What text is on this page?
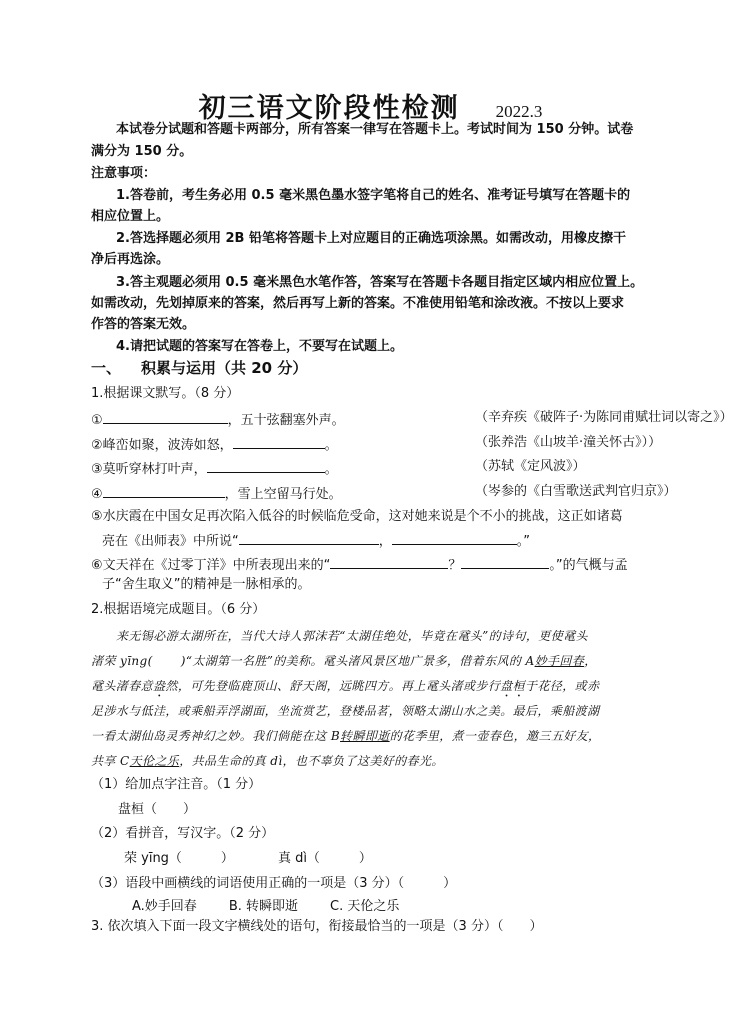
初三语文阶段性检测 2022.3
本试卷分试题和答题卡两部分，所有答案一律写在答题卡上。考试时间为 150 分钟。试卷
满分为 150 分。
注意事项：
1.答卷前，考生务必用 0.5 毫米黑色墨水签字笔将自己的姓名、准考证号填写在答题卡的
相应位置上。
2.答选择题必须用 2B 铅笔将答题卡上对应题目的正确选项涂黑。如需改动，用橡皮擦干
净后再选涂。
3.答主观题必须用 0.5 毫米黑色水笔作答，答案写在答题卡各题目指定区域内相应位置上。
如需改动，先划掉原来的答案，然后再写上新的答案。不准使用铅笔和涂改液。不按以上要求
作答的答案无效。
4.请把试题的答案写在答卷上，不要写在试题上。
一、 积累与运用（共 20 分）
1.根据课文默写。（8 分）
①	，五十弦翻塞外声。	（辛弃疾《破阵子·为陈同甫赋壮词以寄之》）
②峰峦如聚，波涛如怒，	。	（张养浩《山坡羊·潼关怀古》））
③莫听穿林打叶声，	。	（苏轼《定风波》）
④	，雪上空留马行处。	（岑参的《白雪歌送武判官归京》）
⑤水庆霞在中国女足再次陷入低谷的时候临危受命，这对她来说是个不小的挑战，这正如诸葛
亮在《出师表》中所说“	，	。”
⑥文天祥在《过零丁洋》中所表现出来的“	？	。”的气概与孟
子“舍生取义”的精神是一脉相承的。
2.根据语境完成题目。（6 分）
来无锡必游太湖所在，当代大诗人郭沫若“太湖佳绝处，毕竟在鼋头”的诗句，更使鼋头
渚荣 yīng( )“太湖第一名胜”的美称。鼋头渚风景区地广景多，借着东风的 A妙手回春，
鼋头渚春意盎然，可先登临鹿顶山、舒天阁，远眺四方。再上鼋头渚或步行盘桓于花径，或赤
足涉水与低洼，或乘船弄浮湖面，坐流赏艺，登楼品茗，领略太湖山水之美。最后，乘船渡湖
一看太湖仙岛灵秀神幻之妙。我们倘能在这 B转瞬即逝的花季里，煮一壶春色，邀三五好友，
共享 C天伦之乐，共品生命的真 dì，也不辜负了这美好的春光。
（1）给加点字注音。（1 分）
盘桓（　　）
（2）看拼音，写汉字。（2 分）
荣 yīng（　　　）	真 dì（　　　）
（3）语段中画横线的词语使用正确的一项是（3 分）（　　　）
A.妙手回春 B. 转瞬即逝 C. 天伦之乐
3. 依次填入下面一段文字横线处的语句，衔接最恰当的一项是（3 分）（　　）
